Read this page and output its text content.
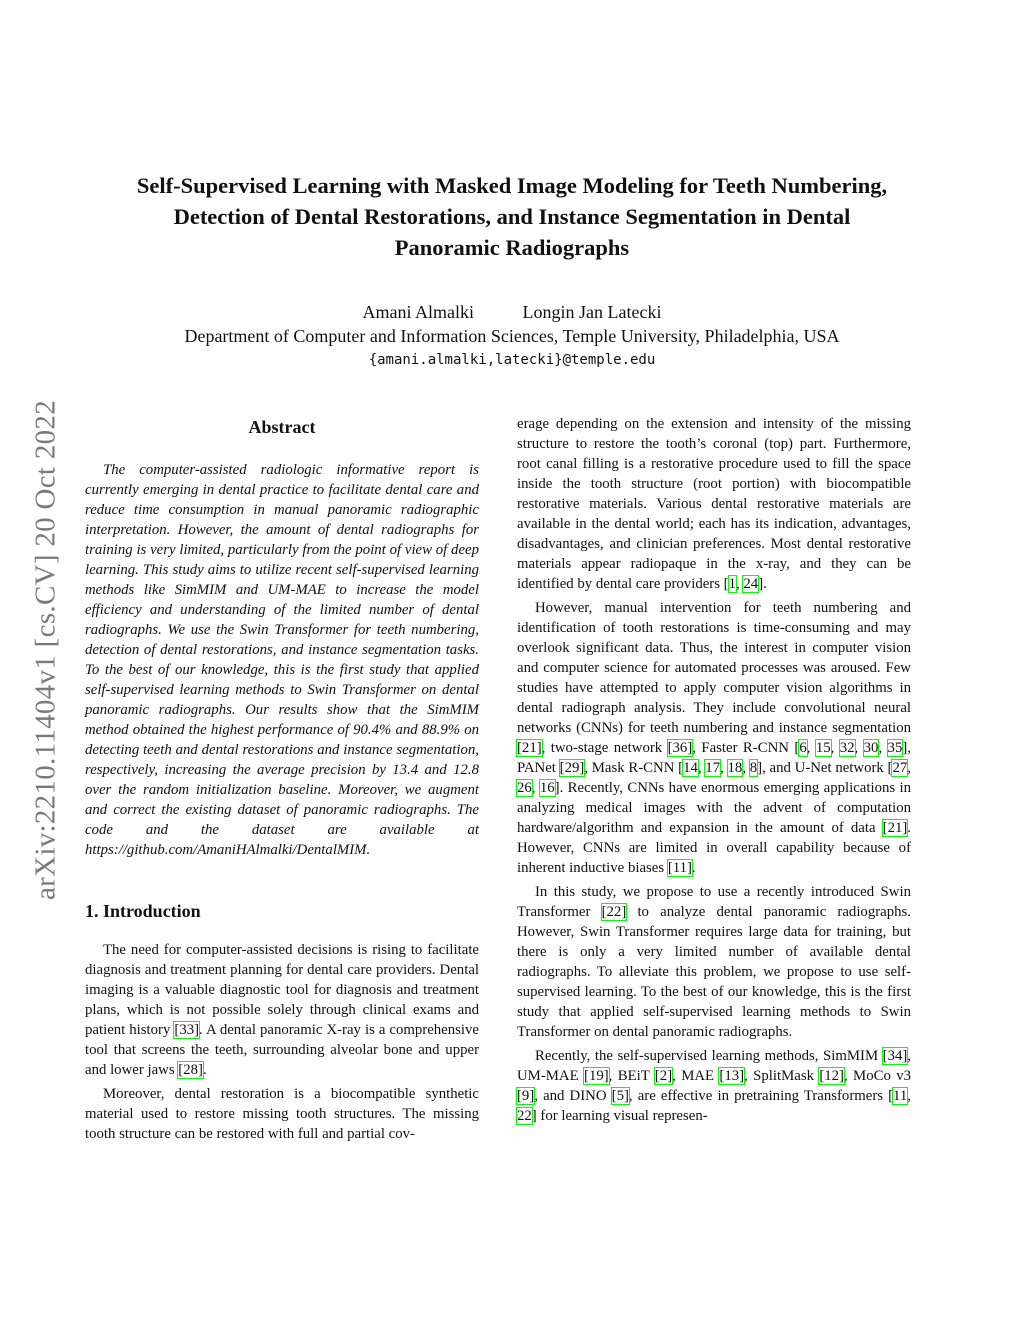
Self-Supervised Learning with Masked Image Modeling for Teeth Numbering,
Detection of Dental Restorations, and Instance Segmentation in Dental
Panoramic Radiographs
Amani Almalki	Longin Jan Latecki
Department of Computer and Information Sciences, Temple University, Philadelphia, USA
{amani.almalki,latecki}@temple.edu
arXiv:2210.11404v1 [cs.CV] 20 Oct 2022	Abstract

The computer-assisted radiologic informative report is currently emerging in dental practice to facilitate dental care and reduce time consumption in manual panoramic radiographic interpretation. However, the amount of dental radiographs for training is very limited, particularly from the point of view of deep learning. This study aims to utilize recent self-supervised learning methods like SimMIM and UM-MAE to increase the model efficiency and understanding of the limited number of dental radiographs. We use the Swin Transformer for teeth numbering, detection of dental restorations, and instance segmentation tasks. To the best of our knowledge, this is the first study that applied self-supervised learning methods to Swin Transformer on dental panoramic radiographs. Our results show that the SimMIM method obtained the highest performance of 90.4% and 88.9% on detecting teeth and dental restorations and instance segmentation, respectively, increasing the average precision by 13.4 and 12.8 over the random initialization baseline. Moreover, we augment and correct the existing dataset of panoramic radiographs. The code and the dataset are available at https://github.com/AmaniHAlmalki/DentalMIM.

1. Introduction

The need for computer-assisted decisions is rising to facilitate diagnosis and treatment planning for dental care providers. Dental imaging is a valuable diagnostic tool for diagnosis and treatment plans, which is not possible solely through clinical exams and patient history [33]. A dental panoramic X-ray is a comprehensive tool that screens the teeth, surrounding alveolar bone and upper and lower jaws [28].

Moreover, dental restoration is a biocompatible synthetic material used to restore missing tooth structures. The missing tooth structure can be restored with full and partial cov-

erage depending on the extension and intensity of the missing structure to restore the tooth’s coronal (top) part. Furthermore, root canal filling is a restorative procedure used to fill the space inside the tooth structure (root portion) with biocompatible restorative materials. Various dental restorative materials are available in the dental world; each has its indication, advantages, disadvantages, and clinician preferences. Most dental restorative materials appear radiopaque in the x-ray, and they can be identified by dental care providers [1, 24].

However, manual intervention for teeth numbering and identification of tooth restorations is time-consuming and may overlook significant data. Thus, the interest in computer vision and computer science for automated processes was aroused. Few studies have attempted to apply computer vision algorithms in dental radiograph analysis. They include convolutional neural networks (CNNs) for teeth numbering and instance segmentation [21], two-stage network [36], Faster R-CNN [6, 15, 32, 30, 35], PANet [29], Mask R-CNN [14, 17, 18, 8], and U-Net network [27, 26, 16]. Recently, CNNs have enormous emerging applications in analyzing medical images with the advent of computation hardware/algorithm and expansion in the amount of data [21]. However, CNNs are limited in overall capability because of inherent inductive biases [11].

In this study, we propose to use a recently introduced Swin Transformer [22] to analyze dental panoramic radiographs. However, Swin Transformer requires large data for training, but there is only a very limited number of available dental radiographs. To alleviate this problem, we propose to use self-supervised learning. To the best of our knowledge, this is the first study that applied self-supervised learning methods to Swin Transformer on dental panoramic radiographs.

Recently, the self-supervised learning methods, SimMIM [34], UM-MAE [19], BEiT [2], MAE [13], SplitMask [12], MoCo v3 [9], and DINO [5], are effective in pretraining Transformers [11, 22] for learning visual represen-
